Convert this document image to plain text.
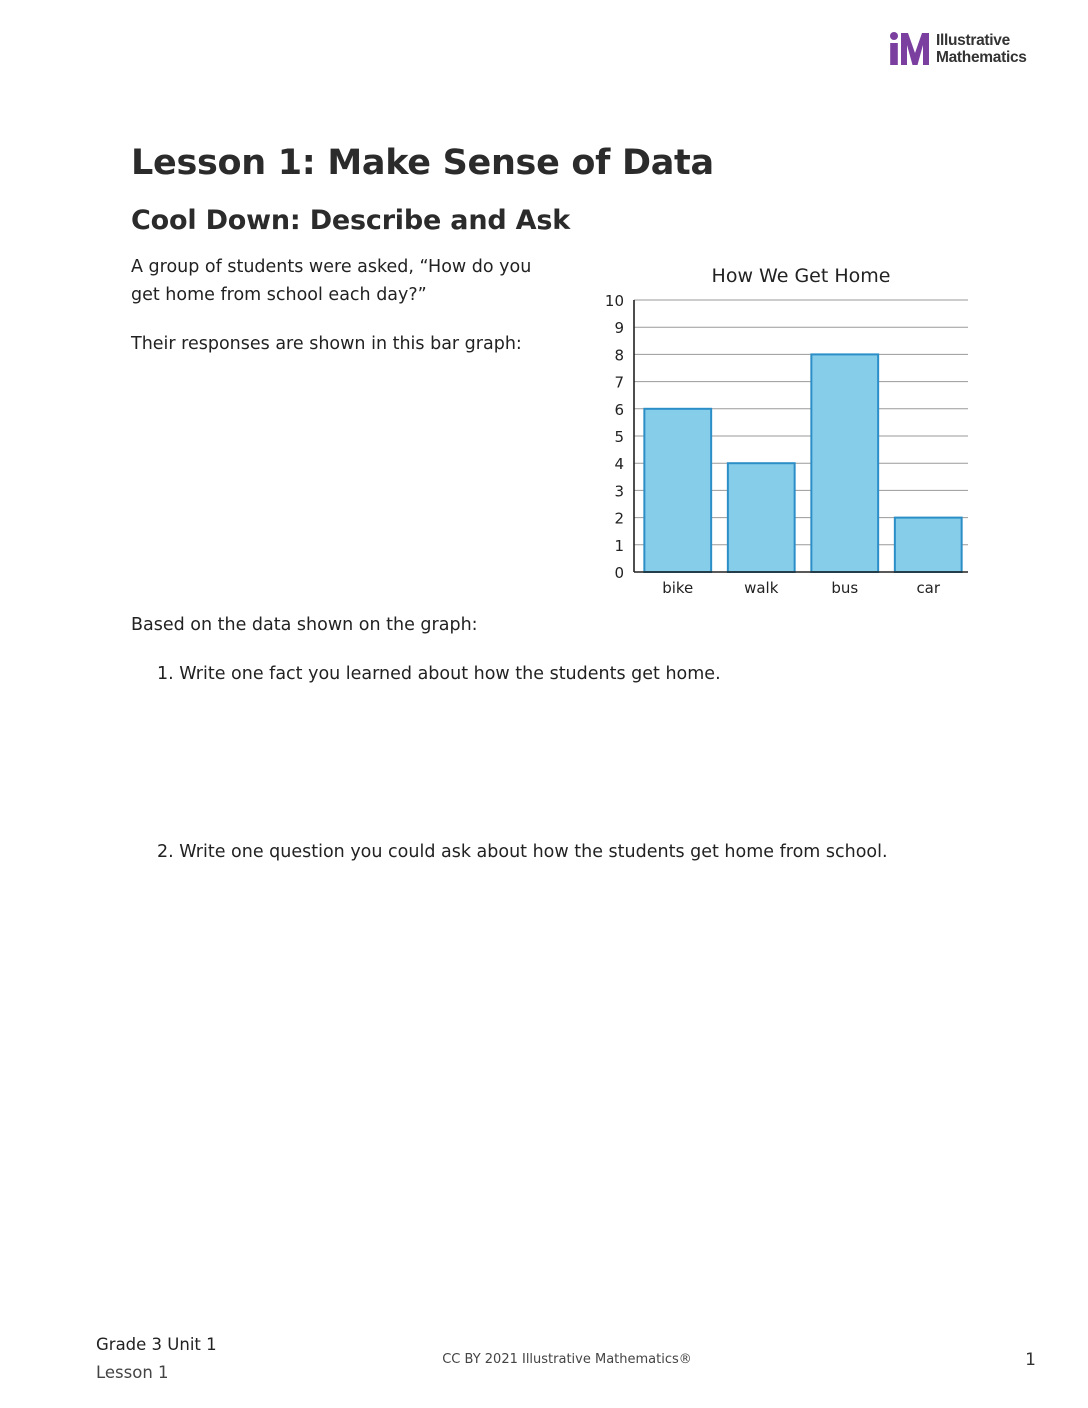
Illustrative
Mathematics
Lesson 1: Make Sense of Data
Cool Down: Describe and Ask

A group of students were asked, “How do you get home from school each day?”

Their responses are shown in this bar graph:

How We Get Home
0
1
2
3
4
5
6
7
8
9
10
bike	walk	bus	car

Based on the data shown on the graph:

1. Write one fact you learned about how the students get home.

2. Write one question you could ask about how the students get home from school.

Grade 3 Unit 1
Lesson 1
CC BY 2021 Illustrative Mathematics®	1
